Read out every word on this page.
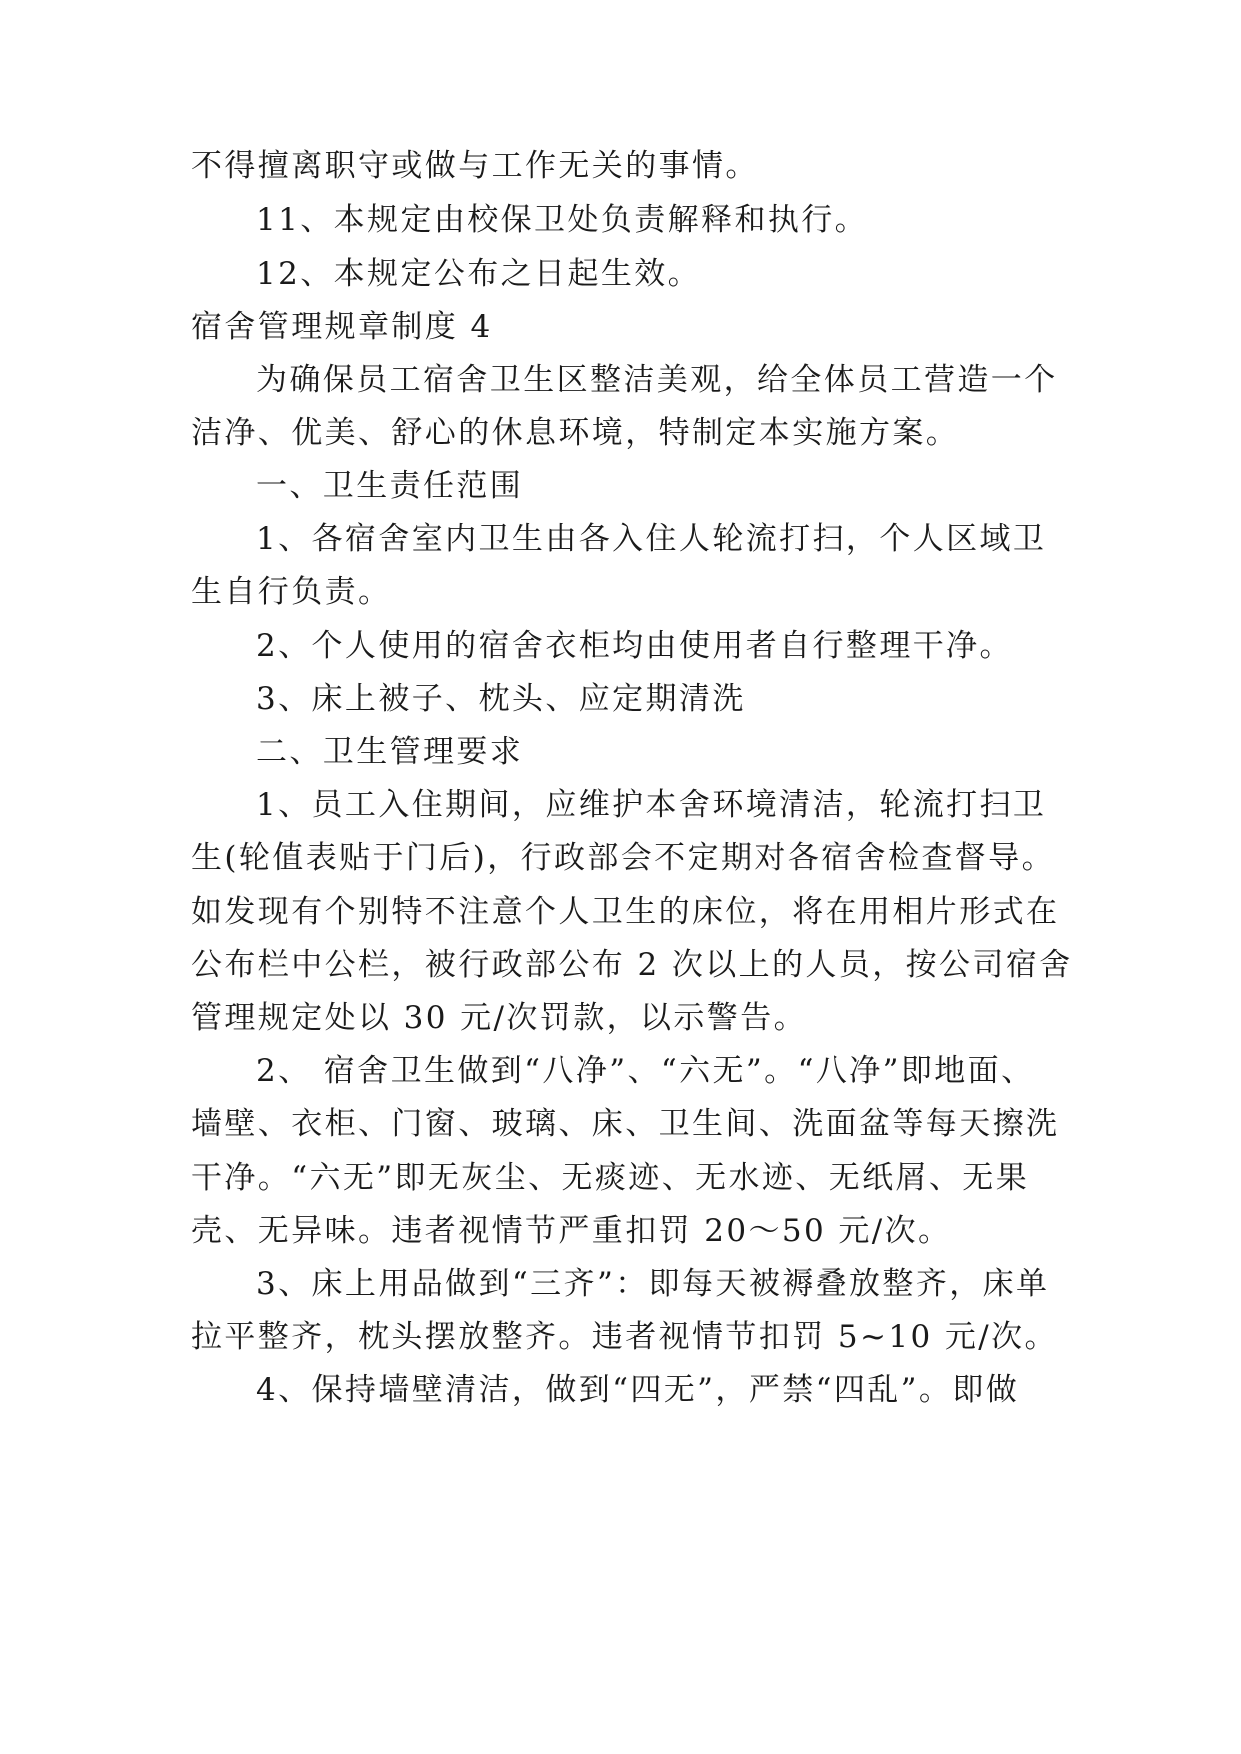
不得擅离职守或做与工作无关的事情。
11、本规定由校保卫处负责解释和执行。
12、本规定公布之日起生效。
宿舍管理规章制度 4
为确保员工宿舍卫生区整洁美观，给全体员工营造一个
洁净、优美、舒心的休息环境，特制定本实施方案。
一、卫生责任范围
1、各宿舍室内卫生由各入住人轮流打扫，个人区域卫
生自行负责。
2、个人使用的宿舍衣柜均由使用者自行整理干净。
3、床上被子、枕头、应定期清洗
二、卫生管理要求
1、员工入住期间，应维护本舍环境清洁，轮流打扫卫
生(轮值表贴于门后)，行政部会不定期对各宿舍检查督导。
如发现有个别特不注意个人卫生的床位，将在用相片形式在
公布栏中公栏，被行政部公布 2 次以上的人员，按公司宿舍
管理规定处以 30 元/次罚款，以示警告。
2、 宿舍卫生做到“八净”、“六无”。“八净”即地面、
墙壁、衣柜、门窗、玻璃、床、卫生间、洗面盆等每天擦洗
干净。“六无”即无灰尘、无痰迹、无水迹、无纸屑、无果
壳、无异味。违者视情节严重扣罚 20～50 元/次。
3、床上用品做到“三齐”：即每天被褥叠放整齐，床单
拉平整齐，枕头摆放整齐。违者视情节扣罚 5~10 元/次。
4、保持墙壁清洁，做到“四无”，严禁“四乱”。即做
